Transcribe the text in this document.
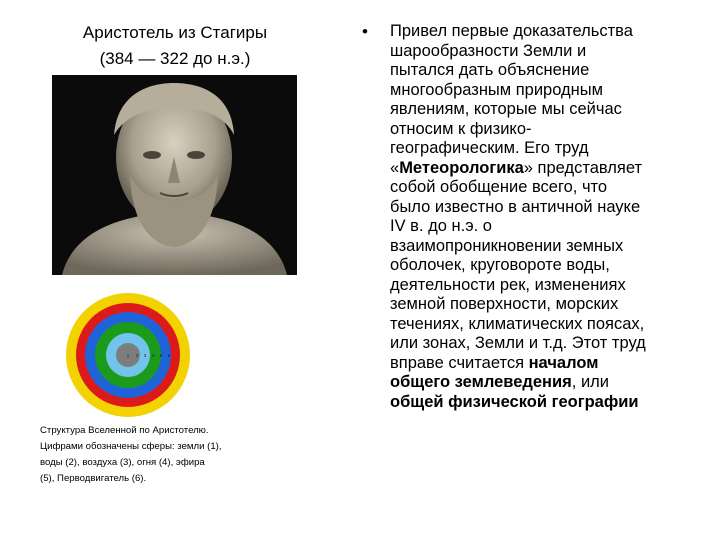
Аристотель из Стагиры
(384 — 322 до н.э.)
1 2 3 4 5 6
Структура Вселенной по Аристотелю.
Цифрами обозначены сферы: земли (1),
воды (2), воздуха (3), огня (4), эфира
(5), Перводвигатель (6).
• Привел первые доказательства
шарообразности Земли и
пытался дать объяснение
многообразным природным
явлениям, которые мы сейчас
относим к физико-
географическим. Его труд
«Метеорологика» представляет
собой обобщение всего, что
было известно в античной науке
IV в. до н.э. о
взаимопроникновении земных
оболочек, круговороте воды,
деятельности рек, изменениях
земной поверхности, морских
течениях, климатических поясах,
или зонах, Земли и т.д. Этот труд
вправе считается началом
общего землеведения, или
общей физической географии
